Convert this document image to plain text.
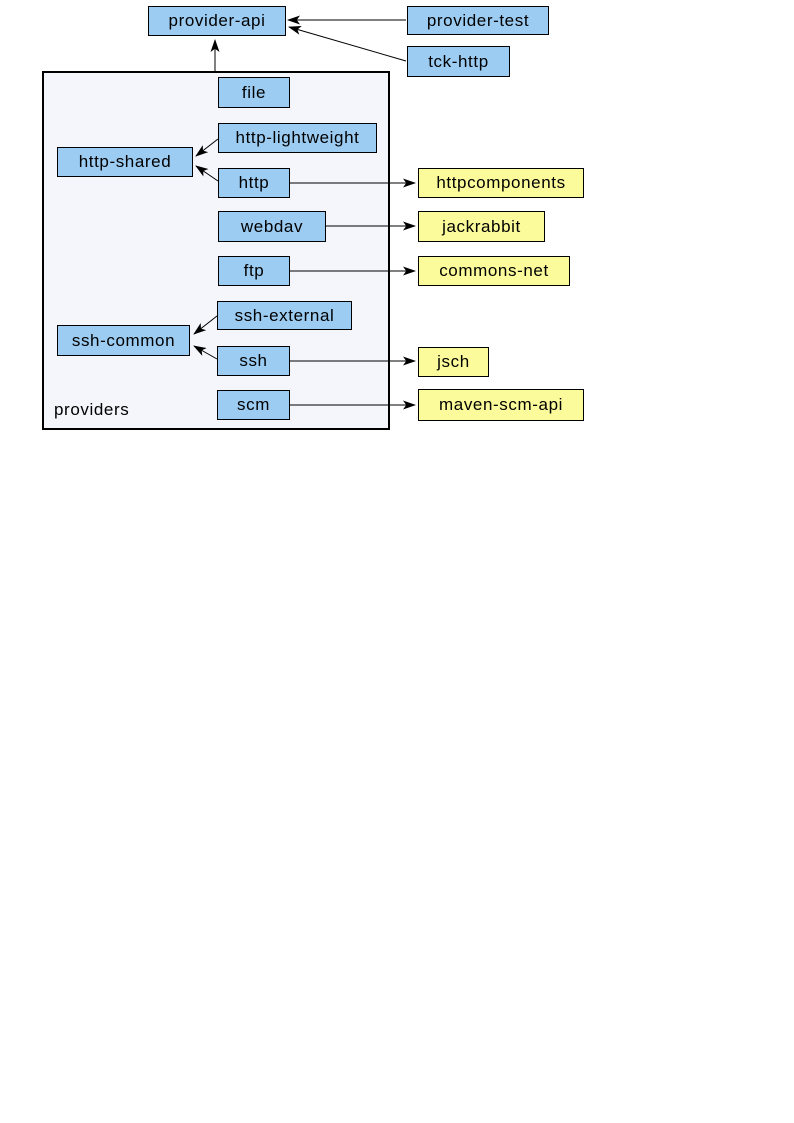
providers
provider-api	provider-test
tck-http
file
http-lightweight
http-shared
http
webdav
ftp
ssh-external
ssh-common
ssh
scm
httpcomponents
jackrabbit
commons-net
jsch
maven-scm-api
